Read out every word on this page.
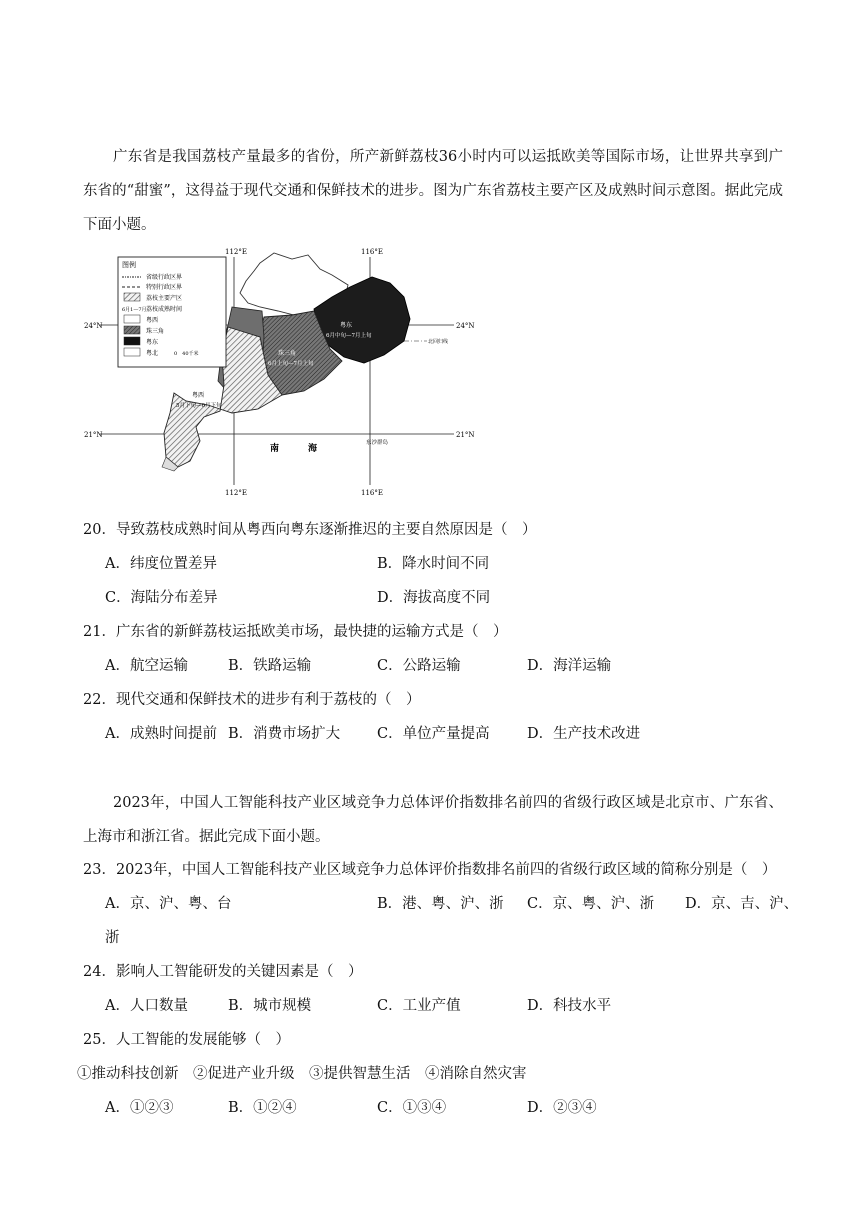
广东省是我国荔枝产量最多的省份，所产新鲜荔枝36小时内可以运抵欧美等国际市场，让世界共享到广东省的“甜蜜”，这得益于现代交通和保鲜技术的进步。图为广东省荔枝主要产区及成熟时间示意图。据此完成下面小题。
图例
省级行政区界
特别行政区界
荔枝主要产区
6月1—7月 荔枝成熟时间
粤西
珠三角
粤东
粤北	0　40千米
112°E	116°E
112°E	116°E
24°N	24°N
21°N	21°N
北回归线
粤东
6月中旬—7月上旬
珠三角
6月上旬—7月上旬
粤西
5月下旬—6月下旬
南	海
东沙群岛
20．导致荔枝成熟时间从粤西向粤东逐渐推迟的主要自然原因是（　）
A．纬度位置差异	B．降水时间不同
C．海陆分布差异	D．海拔高度不同
21．广东省的新鲜荔枝运抵欧美市场，最快捷的运输方式是（　）
A．航空运输	B．铁路运输	C．公路运输	D．海洋运输
22．现代交通和保鲜技术的进步有利于荔枝的（　）
A．成熟时间提前 B．消费市场扩大	C．单位产量提高	D．生产技术改进
2023年，中国人工智能科技产业区域竞争力总体评价指数排名前四的省级行政区域是北京市、广东省、上海市和浙江省。据此完成下面小题。
23．2023年，中国人工智能科技产业区域竞争力总体评价指数排名前四的省级行政区域的简称分别是（　）
A．京、沪、粤、台	B．港、粤、沪、浙 C．京、粤、沪、浙 D．京、吉、沪、
浙
24．影响人工智能研发的关键因素是（　）
A．人口数量	B．城市规模	C．工业产值	D．科技水平
25．人工智能的发展能够（　）
①推动科技创新　②促进产业升级　③提供智慧生活　④消除自然灾害
A．①②③	B．①②④	C．①③④	D．②③④
